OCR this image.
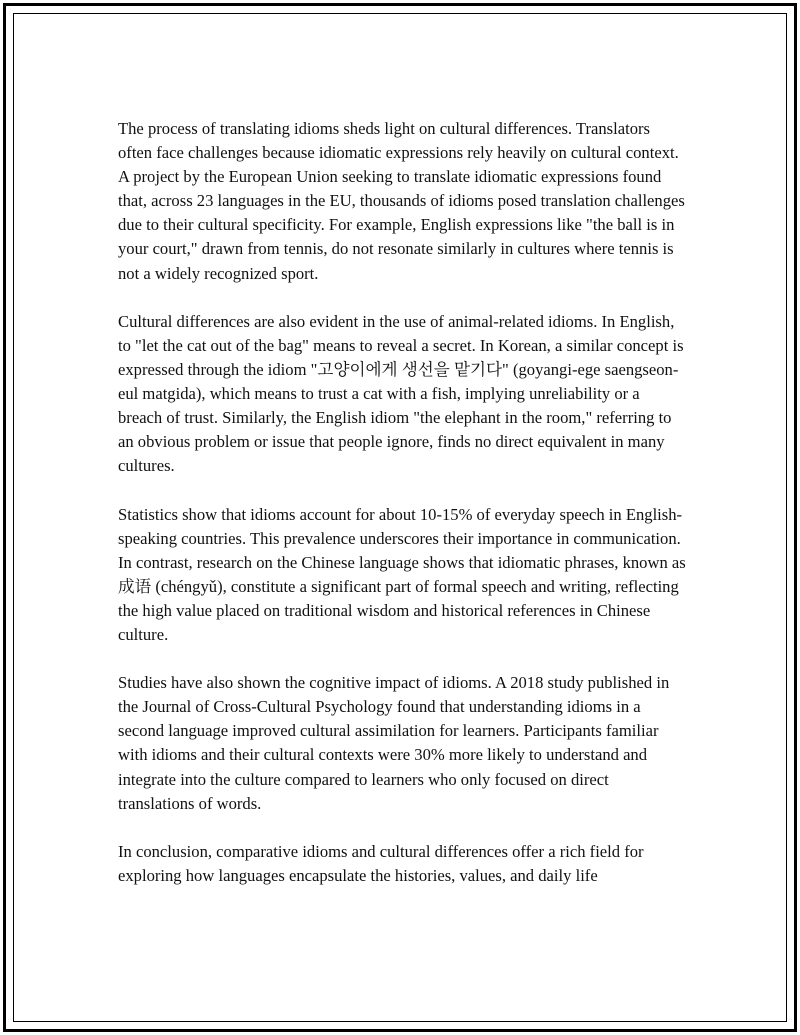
The process of translating idioms sheds light on cultural differences. Translators often face challenges because idiomatic expressions rely heavily on cultural context. A project by the European Union seeking to translate idiomatic expressions found that, across 23 languages in the EU, thousands of idioms posed translation challenges due to their cultural specificity. For example, English expressions like "the ball is in your court," drawn from tennis, do not resonate similarly in cultures where tennis is not a widely recognized sport.

Cultural differences are also evident in the use of animal-related idioms. In English, to "let the cat out of the bag" means to reveal a secret. In Korean, a similar concept is expressed through the idiom "고양이에게 생선을 맡기다" (goyangi-ege saengseon-eul matgida), which means to trust a cat with a fish, implying unreliability or a breach of trust. Similarly, the English idiom "the elephant in the room," referring to an obvious problem or issue that people ignore, finds no direct equivalent in many cultures.

Statistics show that idioms account for about 10-15% of everyday speech in English-speaking countries. This prevalence underscores their importance in communication. In contrast, research on the Chinese language shows that idiomatic phrases, known as 成语 (chéngyǔ), constitute a significant part of formal speech and writing, reflecting the high value placed on traditional wisdom and historical references in Chinese culture.

Studies have also shown the cognitive impact of idioms. A 2018 study published in the Journal of Cross-Cultural Psychology found that understanding idioms in a second language improved cultural assimilation for learners. Participants familiar with idioms and their cultural contexts were 30% more likely to understand and integrate into the culture compared to learners who only focused on direct translations of words.

In conclusion, comparative idioms and cultural differences offer a rich field for exploring how languages encapsulate the histories, values, and daily life
